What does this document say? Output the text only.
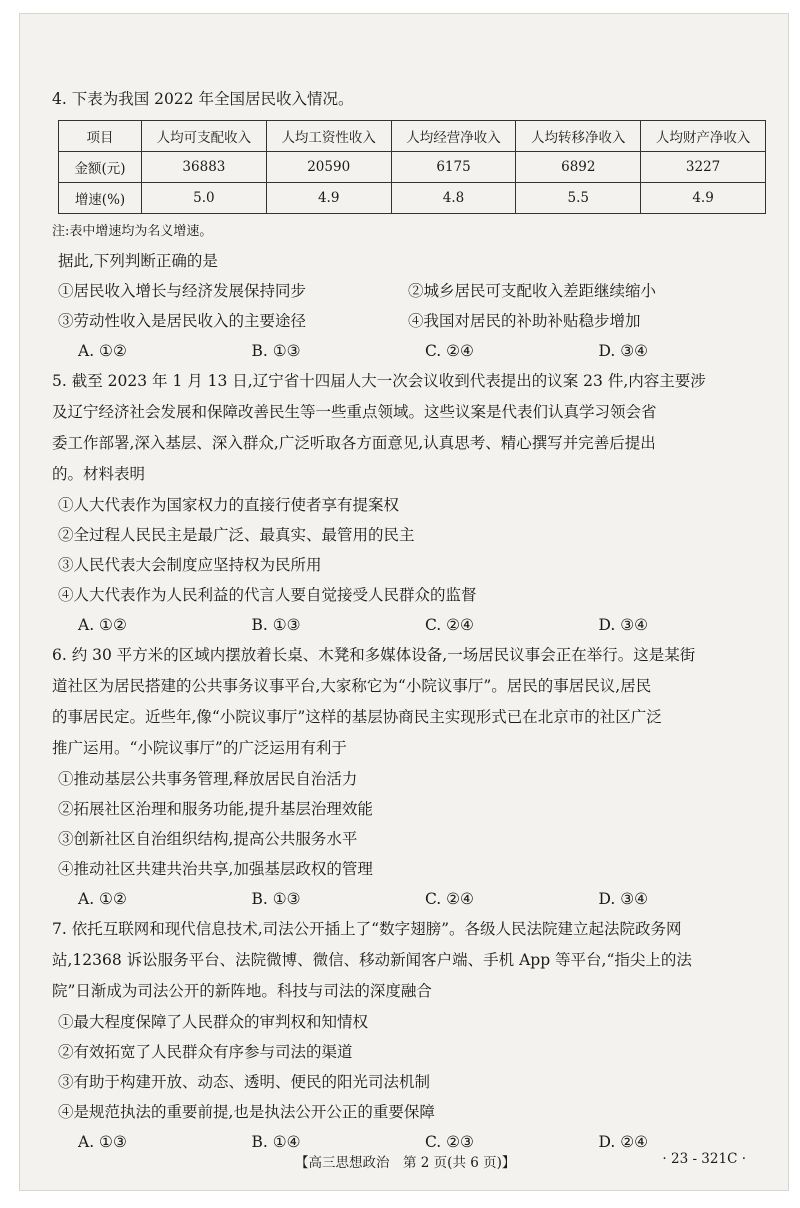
4. 下表为我国 2022 年全国居民收入情况。
项目	人均可支配收入	人均工资性收入	人均经营净收入	人均转移净收入	人均财产净收入
金额(元)	36883	20590	6175	6892	3227
增速(%)	5.0	4.9	4.8	5.5	4.9
注:表中增速均为名义增速。
据此,下列判断正确的是
①居民收入增长与经济发展保持同步	②城乡居民可支配收入差距继续缩小
③劳动性收入是居民收入的主要途径	④我国对居民的补助补贴稳步增加
A. ①②	B. ①③	C. ②④	D. ③④
5. 截至 2023 年 1 月 13 日,辽宁省十四届人大一次会议收到代表提出的议案 23 件,内容主要涉
及辽宁经济社会发展和保障改善民生等一些重点领域。这些议案是代表们认真学习领会省
委工作部署,深入基层、深入群众,广泛听取各方面意见,认真思考、精心撰写并完善后提出
的。材料表明
①人大代表作为国家权力的直接行使者享有提案权
②全过程人民民主是最广泛、最真实、最管用的民主
③人民代表大会制度应坚持权为民所用
④人大代表作为人民利益的代言人要自觉接受人民群众的监督
A. ①②	B. ①③	C. ②④	D. ③④
6. 约 30 平方米的区域内摆放着长桌、木凳和多媒体设备,一场居民议事会正在举行。这是某街
道社区为居民搭建的公共事务议事平台,大家称它为“小院议事厅”。居民的事居民议,居民
的事居民定。近些年,像“小院议事厅”这样的基层协商民主实现形式已在北京市的社区广泛
推广运用。“小院议事厅”的广泛运用有利于
①推动基层公共事务管理,释放居民自治活力
②拓展社区治理和服务功能,提升基层治理效能
③创新社区自治组织结构,提高公共服务水平
④推动社区共建共治共享,加强基层政权的管理
A. ①②	B. ①③	C. ②④	D. ③④
7. 依托互联网和现代信息技术,司法公开插上了“数字翅膀”。各级人民法院建立起法院政务网
站,12368 诉讼服务平台、法院微博、微信、移动新闻客户端、手机 App 等平台,“指尖上的法
院”日渐成为司法公开的新阵地。科技与司法的深度融合
①最大程度保障了人民群众的审判权和知情权
②有效拓宽了人民群众有序参与司法的渠道
③有助于构建开放、动态、透明、便民的阳光司法机制
④是规范执法的重要前提,也是执法公开公正的重要保障
A. ①③	B. ①④	C. ②③	D. ②④
【高三思想政治　第 2 页(共 6 页)】	· 23 - 321C ·
